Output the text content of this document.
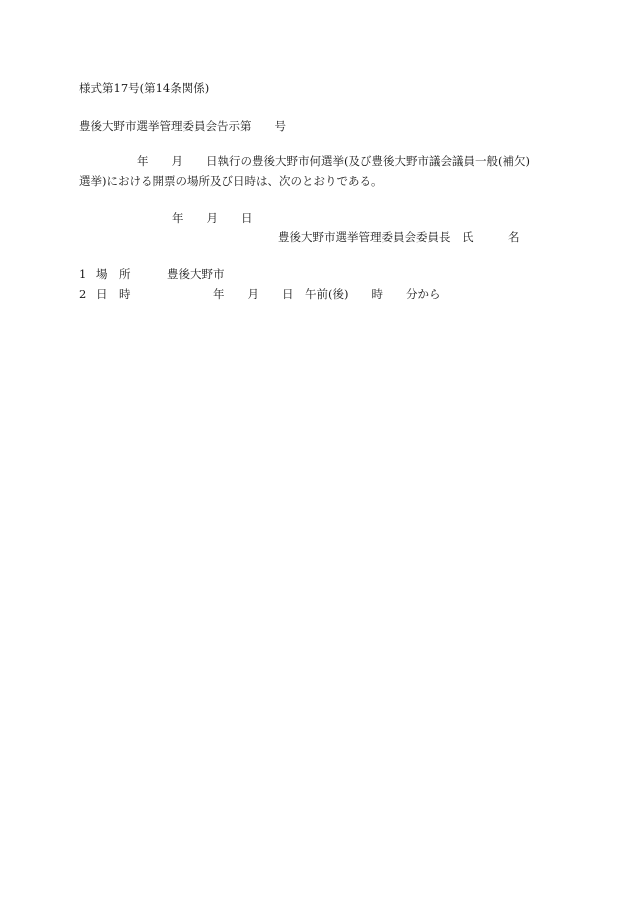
様式第17号(第14条関係)
豊後大野市選挙管理委員会告示第　　号
年　　月　　日執行の豊後大野市何選挙(及び豊後大野市議会議員一般(補欠)
選挙)における開票の場所及び日時は、次のとおりである。
年　　月　　日
豊後大野市選挙管理委員会委員長　氏　　　名
1 場　所	豊後大野市
2 日　時	年　　月　　日　午前(後)　　時　　分から
